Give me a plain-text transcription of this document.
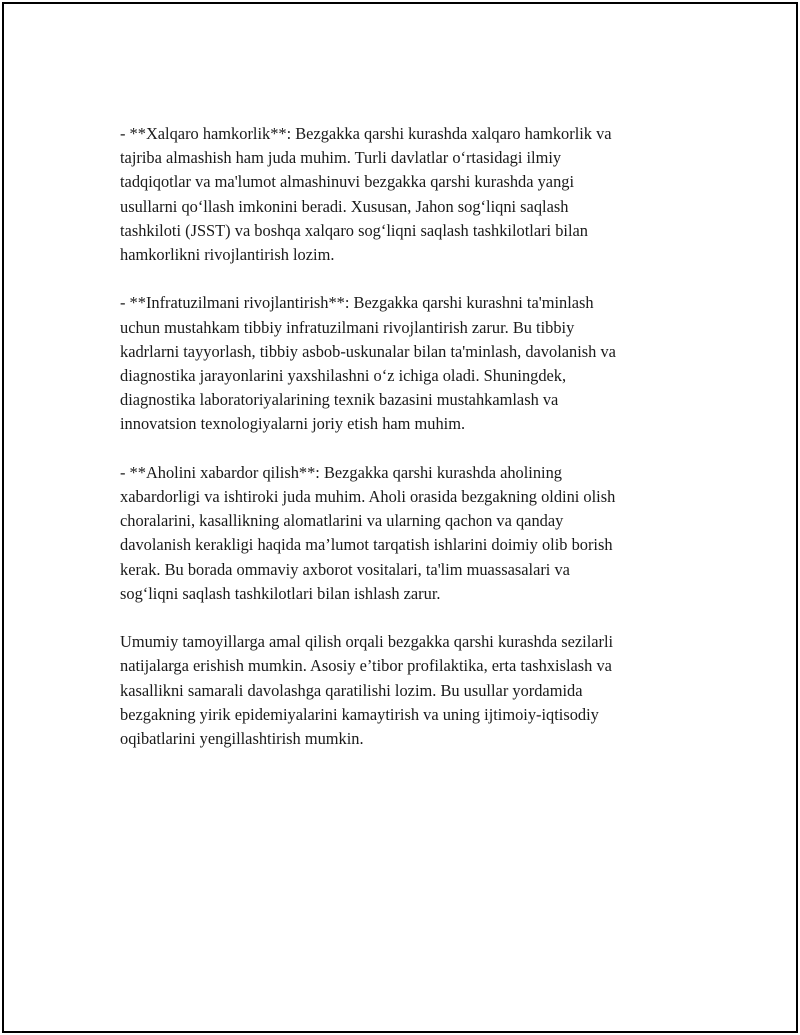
- **Xalqaro hamkorlik**: Bezgakka qarshi kurashda xalqaro hamkorlik va
tajriba almashish ham juda muhim. Turli davlatlar o‘rtasidagi ilmiy
tadqiqotlar va ma'lumot almashinuvi bezgakka qarshi kurashda yangi
usullarni qo‘llash imkonini beradi. Xususan, Jahon sog‘liqni saqlash
tashkiloti (JSST) va boshqa xalqaro sog‘liqni saqlash tashkilotlari bilan
hamkorlikni rivojlantirish lozim.

- **Infratuzilmani rivojlantirish**: Bezgakka qarshi kurashni ta'minlash
uchun mustahkam tibbiy infratuzilmani rivojlantirish zarur. Bu tibbiy
kadrlarni tayyorlash, tibbiy asbob-uskunalar bilan ta'minlash, davolanish va
diagnostika jarayonlarini yaxshilashni o‘z ichiga oladi. Shuningdek,
diagnostika laboratoriyalarining texnik bazasini mustahkamlash va
innovatsion texnologiyalarni joriy etish ham muhim.

- **Aholini xabardor qilish**: Bezgakka qarshi kurashda aholining
xabardorligi va ishtiroki juda muhim. Aholi orasida bezgakning oldini olish
choralarini, kasallikning alomatlarini va ularning qachon va qanday
davolanish kerakligi haqida ma’lumot tarqatish ishlarini doimiy olib borish
kerak. Bu borada ommaviy axborot vositalari, ta'lim muassasalari va
sog‘liqni saqlash tashkilotlari bilan ishlash zarur.

Umumiy tamoyillarga amal qilish orqali bezgakka qarshi kurashda sezilarli
natijalarga erishish mumkin. Asosiy e’tibor profilaktika, erta tashxislash va
kasallikni samarali davolashga qaratilishi lozim. Bu usullar yordamida
bezgakning yirik epidemiyalarini kamaytirish va uning ijtimoiy-iqtisodiy
oqibatlarini yengillashtirish mumkin.
